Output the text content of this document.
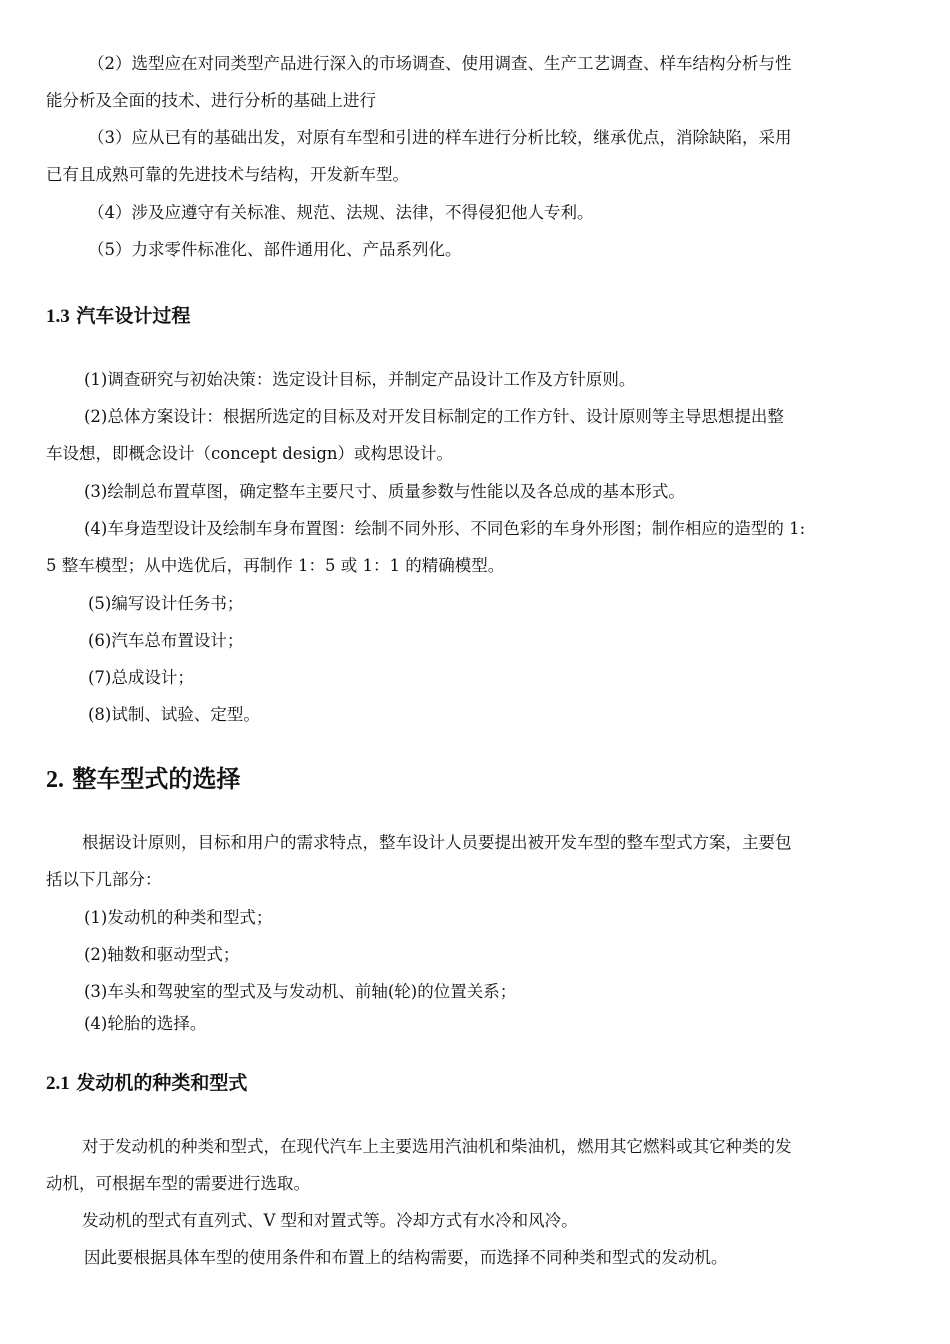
（2）选型应在对同类型产品进行深入的市场调查、使用调查、生产工艺调查、样车结构分析与性
能分析及全面的技术、进行分析的基础上进行
（3）应从已有的基础出发，对原有车型和引进的样车进行分析比较，继承优点，消除缺陷，采用
已有且成熟可靠的先进技术与结构，开发新车型。
（4）涉及应遵守有关标准、规范、法规、法律，不得侵犯他人专利。
（5）力求零件标准化、部件通用化、产品系列化。
1.3 汽车设计过程
(1)调查研究与初始决策：选定设计目标，并制定产品设计工作及方针原则。
(2)总体方案设计：根据所选定的目标及对开发目标制定的工作方针、设计原则等主导思想提出整
车设想，即概念设计（concept design）或构思设计。
(3)绘制总布置草图，确定整车主要尺寸、质量参数与性能以及各总成的基本形式。
(4)车身造型设计及绘制车身布置图：绘制不同外形、不同色彩的车身外形图；制作相应的造型的 1:
5 整车模型；从中选优后，再制作 1：5 或 1：1 的精确模型。
(5)编写设计任务书；
(6)汽车总布置设计；
(7)总成设计；
(8)试制、试验、定型。
2. 整车型式的选择
根据设计原则，目标和用户的需求特点，整车设计人员要提出被开发车型的整车型式方案，主要包
括以下几部分：
(1)发动机的种类和型式；
(2)轴数和驱动型式；
(3)车头和驾驶室的型式及与发动机、前轴(轮)的位置关系；
(4)轮胎的选择。
2.1 发动机的种类和型式
对于发动机的种类和型式，在现代汽车上主要选用汽油机和柴油机，燃用其它燃料或其它种类的发
动机，可根据车型的需要进行选取。
发动机的型式有直列式、V 型和对置式等。冷却方式有水冷和风冷。
因此要根据具体车型的使用条件和布置上的结构需要，而选择不同种类和型式的发动机。
